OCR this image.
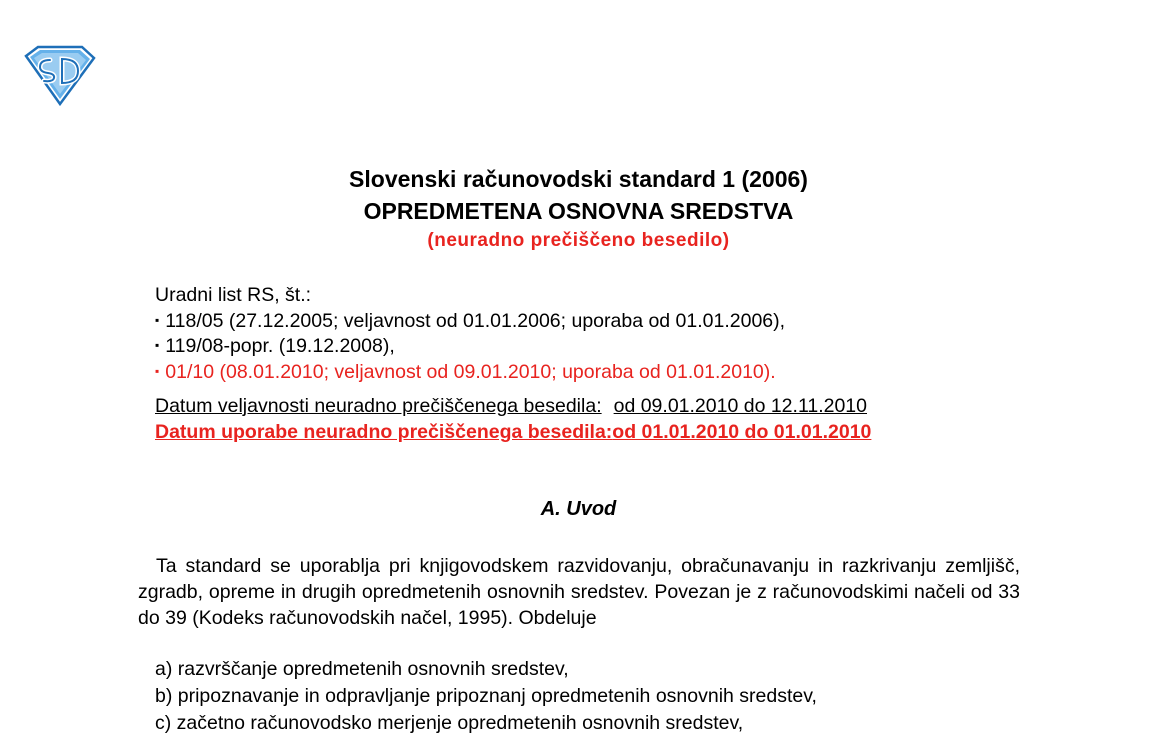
Slovenski računovodski standard 1 (2006)
OPREDMETENA OSNOVNA SREDSTVA
(neuradno prečiščeno besedilo)
Uradni list RS, št.:
▪ 118/05 (27.12.2005; veljavnost od 01.01.2006; uporaba od 01.01.2006),
▪ 119/08-popr. (19.12.2008),
▪ 01/10 (08.01.2010; veljavnost od 09.01.2010; uporaba od 01.01.2010).
Datum veljavnosti neuradno prečiščenega besedila: od 09.01.2010 do 12.11.2010
Datum uporabe neuradno prečiščenega besedila:od 01.01.2010 do 01.01.2010
A. Uvod
Ta standard se uporablja pri knjigovodskem razvidovanju, obračunavanju in razkrivanju zemljišč, zgradb, opreme in drugih opredmetenih osnovnih sredstev. Povezan je z računovodskimi načeli od 33 do 39 (Kodeks računovodskih načel, 1995). Obdeluje
a) razvrščanje opredmetenih osnovnih sredstev,
b) pripoznavanje in odpravljanje pripoznanj opredmetenih osnovnih sredstev,
c) začetno računovodsko merjenje opredmetenih osnovnih sredstev,
